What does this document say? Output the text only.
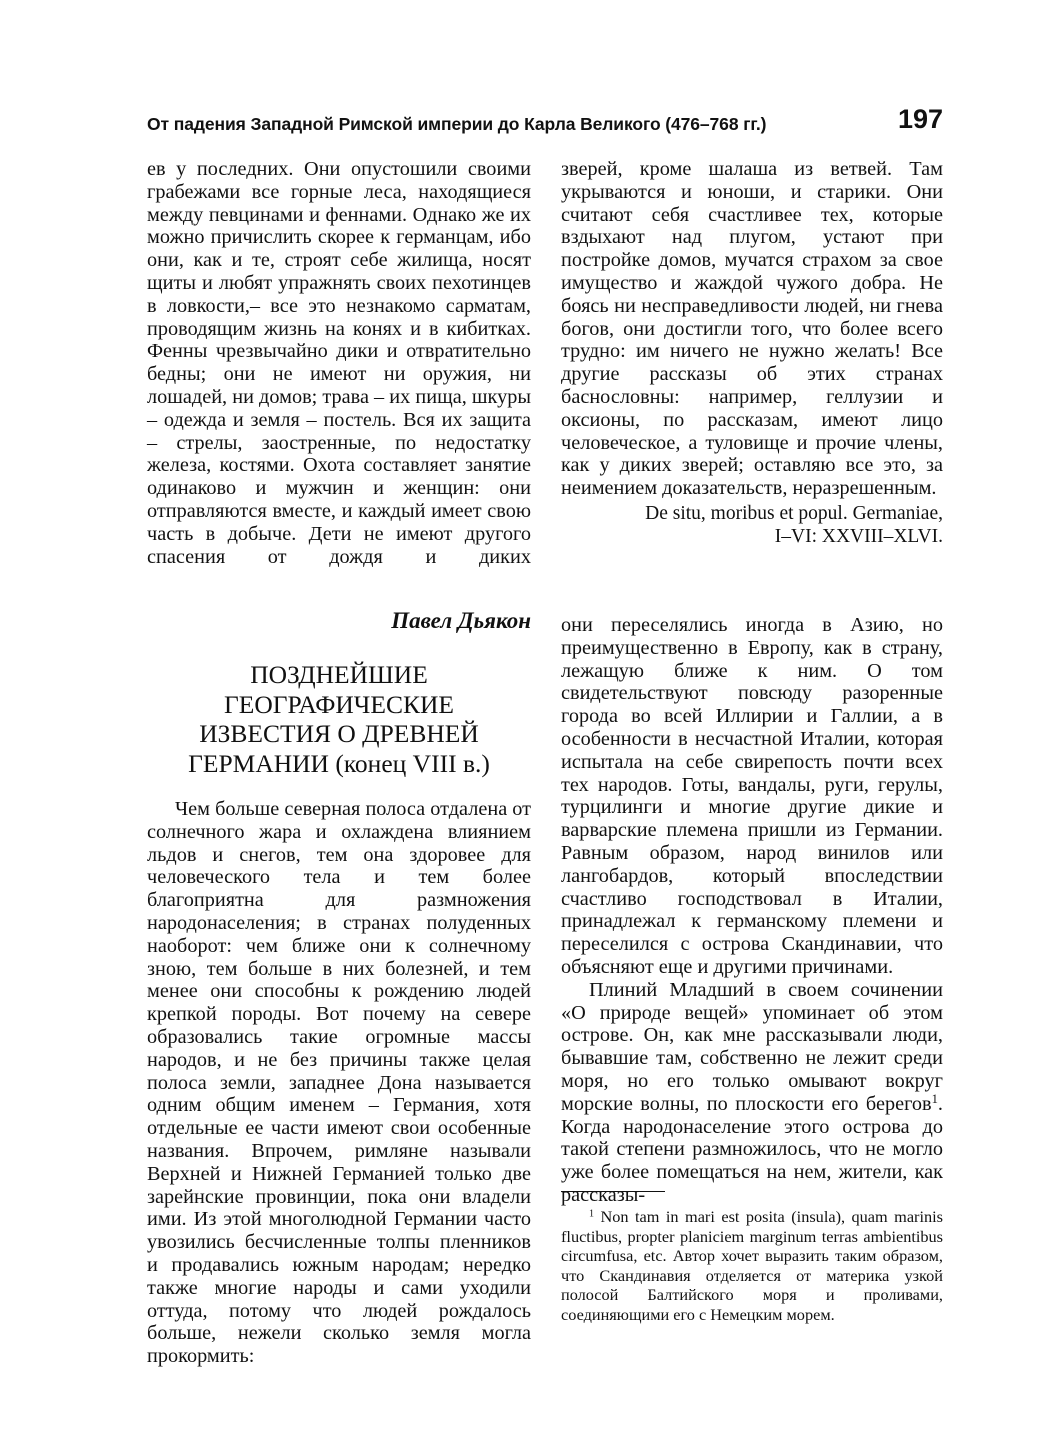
От падения Западной Римской империи до Карла Великого (476–768 гг.)	197

ев у последних. Они опустошили своими грабежами все горные леса, находящиеся между певцинами и феннами. Однако же их можно причислить скорее к германцам, ибо они, как и те, строят себе жилища, носят щиты и любят упражнять своих пехотинцев в ловкости,– все это незнакомо сарматам, проводящим жизнь на конях и в кибитках. Фенны чрезвычайно дики и отвратительно бедны; они не имеют ни оружия, ни лошадей, ни домов; трава – их пища, шкуры – одежда и земля – постель. Вся их защита – стрелы, заостренные, по недостатку железа, костями. Охота составляет занятие одинаково и мужчин и женщин: они отправляются вместе, и каждый имеет свою часть в добыче. Дети не имеют другого спасения от дождя и диких

зверей, кроме шалаша из ветвей. Там укрываются и юноши, и старики. Они считают себя счастливее тех, которые вздыхают над плугом, устают при постройке домов, мучатся страхом за свое имущество и жаждой чужого добра. Не боясь ни несправедливости людей, ни гнева богов, они достигли того, что более всего трудно: им ничего не нужно желать! Все другие рассказы об этих странах баснословны: например, геллузии и оксионы, по рассказам, имеют лицо человеческое, а туловище и прочие члены, как у диких зверей; оставляю все это, за неимением доказательств, неразрешенным.

De situ, moribus et popul. Germaniae,
I–VI: XXVIII–XLVI.
Павел Дьякон
ПОЗДНЕЙШИЕ
ГЕОГРАФИЧЕСКИЕ
ИЗВЕСТИЯ О ДРЕВНЕЙ
ГЕРМАНИИ (конец VIII в.)

Чем больше северная полоса отдалена от солнечного жара и охлаждена влиянием льдов и снегов, тем она здоровее для человеческого тела и тем более благоприятна для размножения народонаселения; в странах полуденных наоборот: чем ближе они к солнечному зною, тем больше в них болезней, и тем менее они способны к рождению людей крепкой породы. Вот почему на севере образовались такие огромные массы народов, и не без причины также целая полоса земли, западнее Дона называется одним общим именем – Германия, хотя отдельные ее части имеют свои особенные названия. Впрочем, римляне называли Верхней и Нижней Германией только две зарейнские провинции, пока они владели ими. Из этой многолюдной Германии часто увозились бесчисленные толпы пленников и продавались южным народам; нередко также многие народы и сами уходили оттуда, потому что людей рождалось больше, нежели сколько земля могла прокормить:

они переселялись иногда в Азию, но преимущественно в Европу, как в страну, лежащую ближе к ним. О том свидетельствуют повсюду разоренные города во всей Иллирии и Галлии, а в особенности в несчастной Италии, которая испытала на себе свирепость почти всех тех народов. Готы, вандалы, руги, герулы, турцилинги и многие другие дикие и варварские племена пришли из Германии. Равным образом, народ винилов или лангобардов, который впоследствии счастливо господствовал в Италии, принадлежал к германскому племени и переселился с острова Скандинавии, что объясняют еще и другими причинами.

Плиний Младший в своем сочинении «О природе вещей» упоминает об этом острове. Он, как мне рассказывали люди, бывавшие там, собственно не лежит среди моря, но его только омывают вокруг морские волны, по плоскости его берегов$^1$. Когда народонаселение этого острова до такой степени размножилось, что не могло уже более помещаться на нем, жители, как рассказы-

$^1$ Non tam in mari est posita (insula), quam marinis fluctibus, propter planiciem marginum terras ambientibus circumfusa, etc. Автор хочет выразить таким образом, что Скандинавия отделяется от материка узкой полосой Балтийского моря и проливами, соединяющими его с Немецким морем.
